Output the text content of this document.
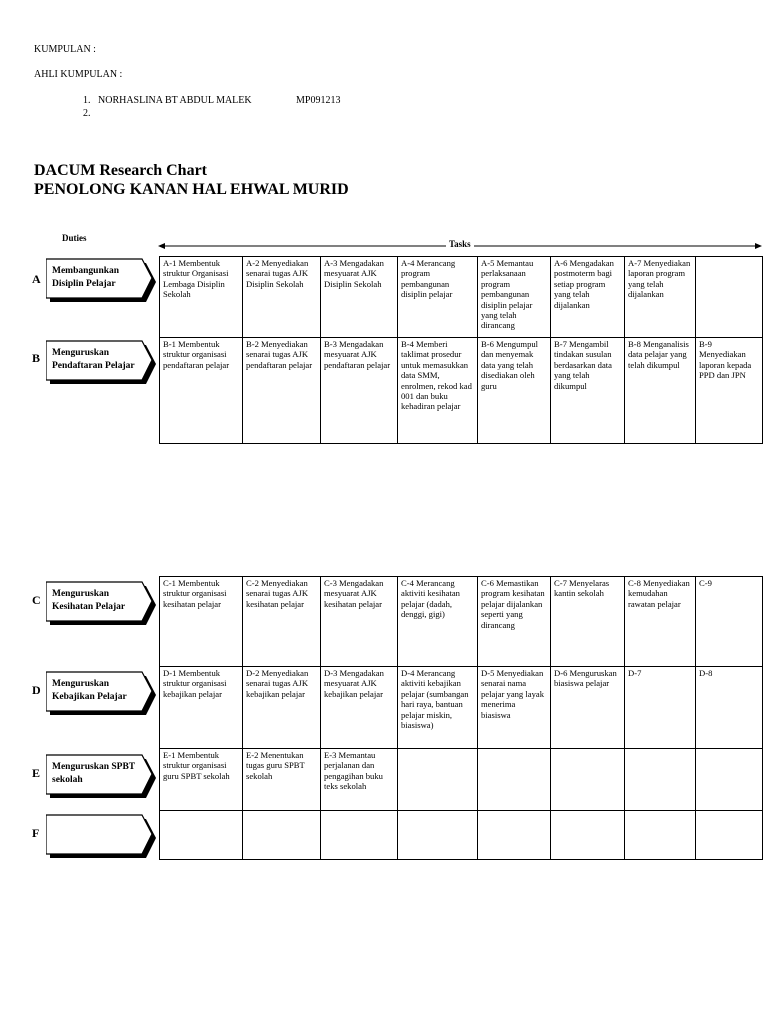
KUMPULAN :
AHLI KUMPULAN :
1. NORHASLINA BT ABDUL MALEK	MP091213
2.
DACUM Research Chart
PENOLONG KANAN HAL EHWAL MURID
Duties
Tasks
A
Membangunkan Disiplin Pelajar
B Menguruskan Pendaftaran Pelajar
A-1 Membentuk struktur Organisasi Lembaga Disiplin Sekolah	A-2 Menyediakan senarai tugas AJK Disiplin Sekolah	A-3 Mengadakan mesyuarat AJK Disiplin Sekolah	A-4 Merancang program pembangunan disiplin pelajar	A-5 Memantau perlaksanaan program pembangunan disiplin pelajar yang telah dirancang	A-6 Mengadakan postmoterm bagi setiap program yang telah dijalankan	A-7 Menyediakan laporan program yang telah dijalankan	
B-1 Membentuk struktur organisasi pendaftaran pelajar	B-2 Menyediakan senarai tugas AJK pendaftaran pelajar	B-3 Mengadakan mesyuarat AJK pendaftaran pelajar	B-4 Memberi taklimat prosedur untuk memasukkan data SMM, enrolmen, rekod kad 001 dan buku kehadiran pelajar	B-6 Mengumpul dan menyemak data yang telah disediakan oleh guru	B-7 Mengambil tindakan susulan berdasarkan data yang telah dikumpul	B-8 Menganalisis data pelajar yang telah dikumpul	B-9 Menyediakan laporan kepada PPD dan JPN
C Menguruskan Kesihatan Pelajar
D Menguruskan Kebajikan Pelajar
E Menguruskan SPBT sekolah
F
C-1 Membentuk struktur organisasi kesihatan pelajar	C-2 Menyediakan senarai tugas AJK kesihatan pelajar	C-3 Mengadakan mesyuarat AJK kesihatan pelajar	C-4 Merancang aktiviti kesihatan pelajar (dadah, denggi, gigi)	C-6 Memastikan program kesihatan pelajar dijalankan seperti yang dirancang	C-7 Menyelaras kantin sekolah	C-8 Menyediakan kemudahan rawatan pelajar	C-9
D-1 Membentuk struktur organisasi kebajikan pelajar	D-2 Menyediakan senarai tugas AJK kebajikan pelajar	D-3 Mengadakan mesyuarat AJK kebajikan pelajar	D-4 Merancang aktiviti kebajikan pelajar (sumbangan hari raya, bantuan pelajar miskin, biasiswa)	D-5 Menyediakan senarai nama pelajar yang layak menerima biasiswa	D-6 Menguruskan biasiswa pelajar	D-7	D-8
E-1 Membentuk struktur organisasi guru SPBT sekolah	E-2 Menentukan tugas guru SPBT sekolah	E-3 Memantau perjalanan dan pengagihan buku teks sekolah					
